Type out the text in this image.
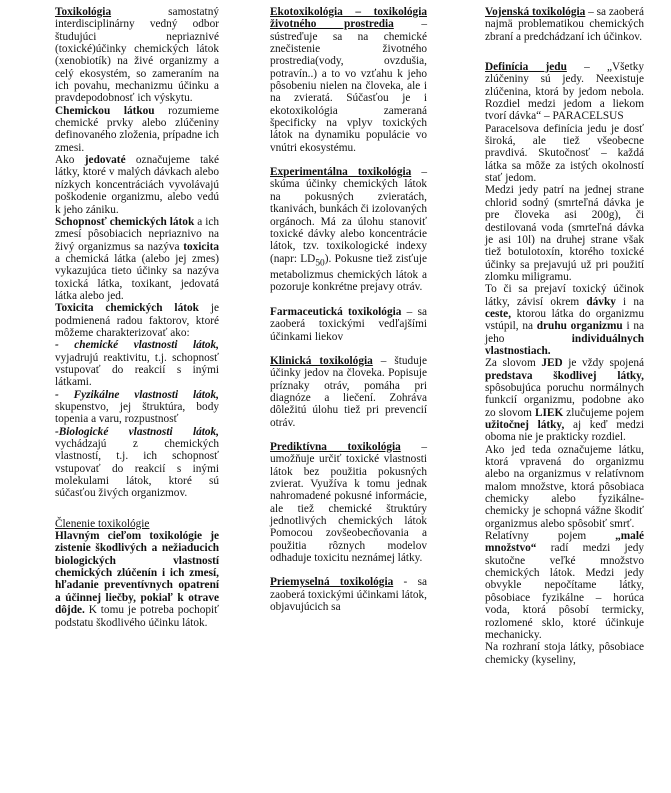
Toxikológia	samostatný interdisciplinárny vedný odbor študujúci nepriaznivé (toxické)účinky chemických látok (xenobiotík) na živé organizmy a celý ekosystém, so zameraním na ich povahu, mechanizmu účinku a pravdepodobnosť ich výskytu.

Chemickou látkou rozumieme chemické prvky alebo zlúčeniny definovaného zloženia, prípadne ich zmesi.

Ako jedovaté označujeme také látky, ktoré v malých dávkach alebo nízkych koncentráciách vyvolávajú poškodenie organizmu, alebo vedú k jeho zániku.

Schopnosť chemických látok a ich zmesí pôsobiacich nepriaznivo na živý organizmus sa nazýva toxicita a chemická látka (alebo jej zmes) vykazujúca tieto účinky sa nazýva toxická látka, toxikant, jedovatá látka alebo jed.

Toxicita chemických látok je podmienená radou faktorov, ktoré môžeme charakterizovať ako:

- chemické vlastnosti látok, vyjadrujú reaktivitu, t.j. schopnosť vstupovať do reakcií s inými látkami.

- Fyzikálne vlastnosti látok, skupenstvo, jej štruktúra, body topenia a varu, rozpustnosť

-Biologické vlastnosti látok, vychádzajú z chemických vlastností, t.j. ich schopnosť vstupovať do reakcií s inými molekulami látok, ktoré sú súčasťou živých organizmov.

Členenie toxikológie

Hlavným cieľom toxikológie je zistenie škodlivých a nežiaducich biologických vlastností chemických zlúčenín i ich zmesí, hľadanie preventívnych opatrení a účinnej liečby, pokiaľ k otrave dôjde. K tomu je potreba pochopiť podstatu škodlivého účinku látok.

Ekotoxikológia – toxikológia životného prostredia – sústreďuje sa na chemické znečistenie životného prostredia(vody, ovzdušia, potravín..) a to vo vzťahu k jeho pôsobeniu nielen na človeka, ale i na zvieratá. Súčasťou je i ekotoxikológia zameraná špecificky na vplyv toxických látok na dynamiku populácie vo vnútri ekosystému.

Experimentálna toxikológia – skúma účinky chemických látok na pokusných zvieratách, tkanivách, bunkách či izolovaných orgánoch. Má za úlohu stanoviť toxické dávky alebo koncentrácie látok, tzv. toxikologické indexy (napr: $LD_{50}$). Pokusne tiež zisťuje metabolizmus chemických látok a pozoruje konkrétne prejavy otráv.

Farmaceutická toxikológia – sa zaoberá toxickými vedľajšími účinkami liekov

Klinická toxikológia – študuje účinky jedov na človeka. Popisuje príznaky otráv, pomáha pri diagnóze a liečení. Zohráva dôležitú úlohu tiež pri prevencií otráv.

Prediktívna toxikológia – umožňuje určiť toxické vlastnosti látok bez použitia pokusných zvierat. Využíva k tomu jednak nahromadené pokusné informácie, ale tiež chemické štruktúry jednotlivých chemických látok Pomocou zovšeobecňovania a použitia rôznych modelov odhaduje toxicitu neznámej látky.

Priemyselná toxikológia - sa zaoberá toxickými účinkami látok, objavujúcich sa

Vojenská toxikológia – sa zaoberá najmä problematikou chemických zbraní a predchádzaní ich účinkov.

Definícia jedu – „Všetky zlúčeniny sú jedy. Neexistuje zlúčenina, ktorá by jedom nebola. Rozdiel medzi jedom a liekom tvorí dávka“ – PARACELSUS

Paracelsova definícia jedu je dosť široká, ale tiež všeobecne pravdivá. Skutočnosť – každá látka sa môže za istých okolností stať jedom.

Medzi jedy patrí na jednej strane chlorid sodný (smrteľná dávka je pre človeka asi 200g), či destilovaná voda (smrteľná dávka je asi 10l) na druhej strane však tiež botulotoxín, ktorého toxické účinky sa prejavujú už pri použití zlomku miligramu.

To či sa prejaví toxický účinok látky, závisí okrem dávky i na ceste, ktorou látka do organizmu vstúpil, na druhu organizmu i na jeho	individuálnych vlastnostiach.

Za slovom JED je vždy spojená predstava škodlivej látky, spôsobujúca poruchu normálnych funkcií organizmu, podobne ako zo slovom LIEK zlučujeme pojem užitočnej látky, aj keď medzi oboma nie je prakticky rozdiel.

Ako jed teda označujeme látku, ktorá vpravená do organizmu alebo na organizmus v relatívnom malom množstve, ktorá pôsobiaca chemicky alebo fyzikálne-chemicky je schopná vážne škodiť organizmus alebo spôsobiť smrť.

Relatívny pojem	„malé množstvo“ radí medzi jedy skutočne veľké množstvo chemických látok. Medzi jedy obvykle nepočítame látky, pôsobiace fyzikálne – horúca voda, ktorá pôsobí termicky, rozlomené sklo, ktoré účinkuje mechanicky.

Na rozhraní stoja látky, pôsobiace chemicky (kyseliny,
